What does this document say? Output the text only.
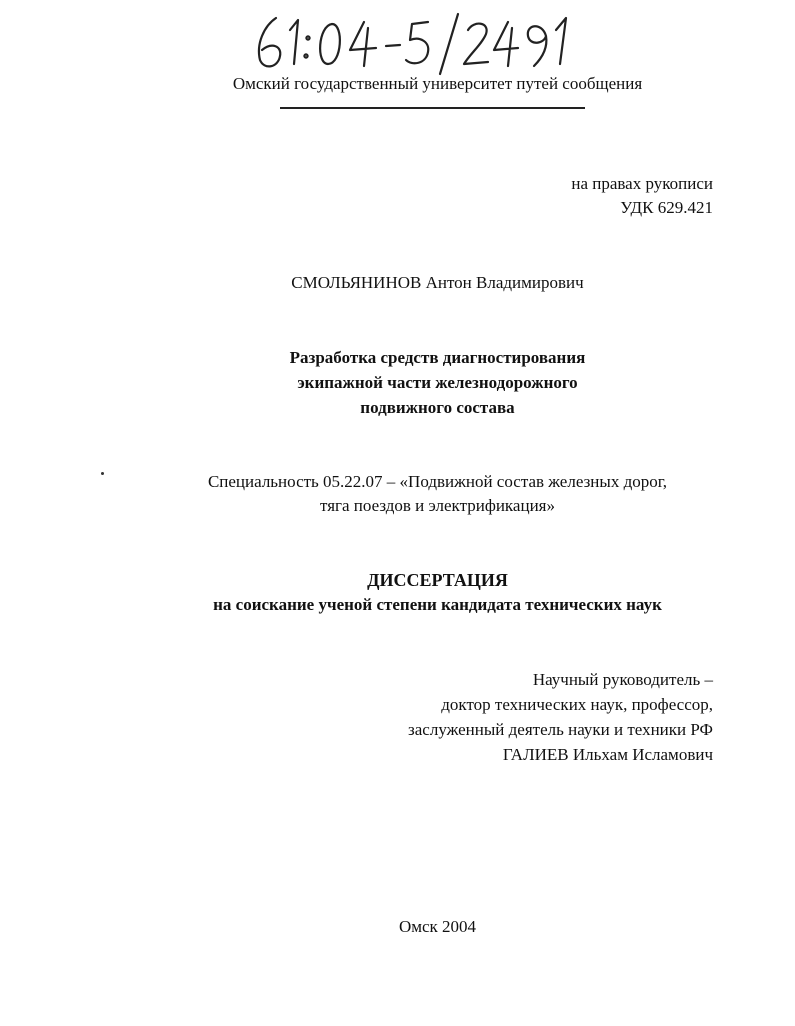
Омский государственный университет путей сообщения
на правах рукописи
УДК 629.421
СМОЛЬЯНИНОВ Антон Владимирович
Разработка средств диагностирования
экипажной части железнодорожного
подвижного состава
Специальность 05.22.07 – «Подвижной состав железных дорог,
тяга поездов и электрификация»
ДИССЕРТАЦИЯ
на соискание ученой степени кандидата технических наук
Научный руководитель –
доктор технических наук, профессор,
заслуженный деятель науки и техники РФ
ГАЛИЕВ Ильхам Исламович
Омск 2004
